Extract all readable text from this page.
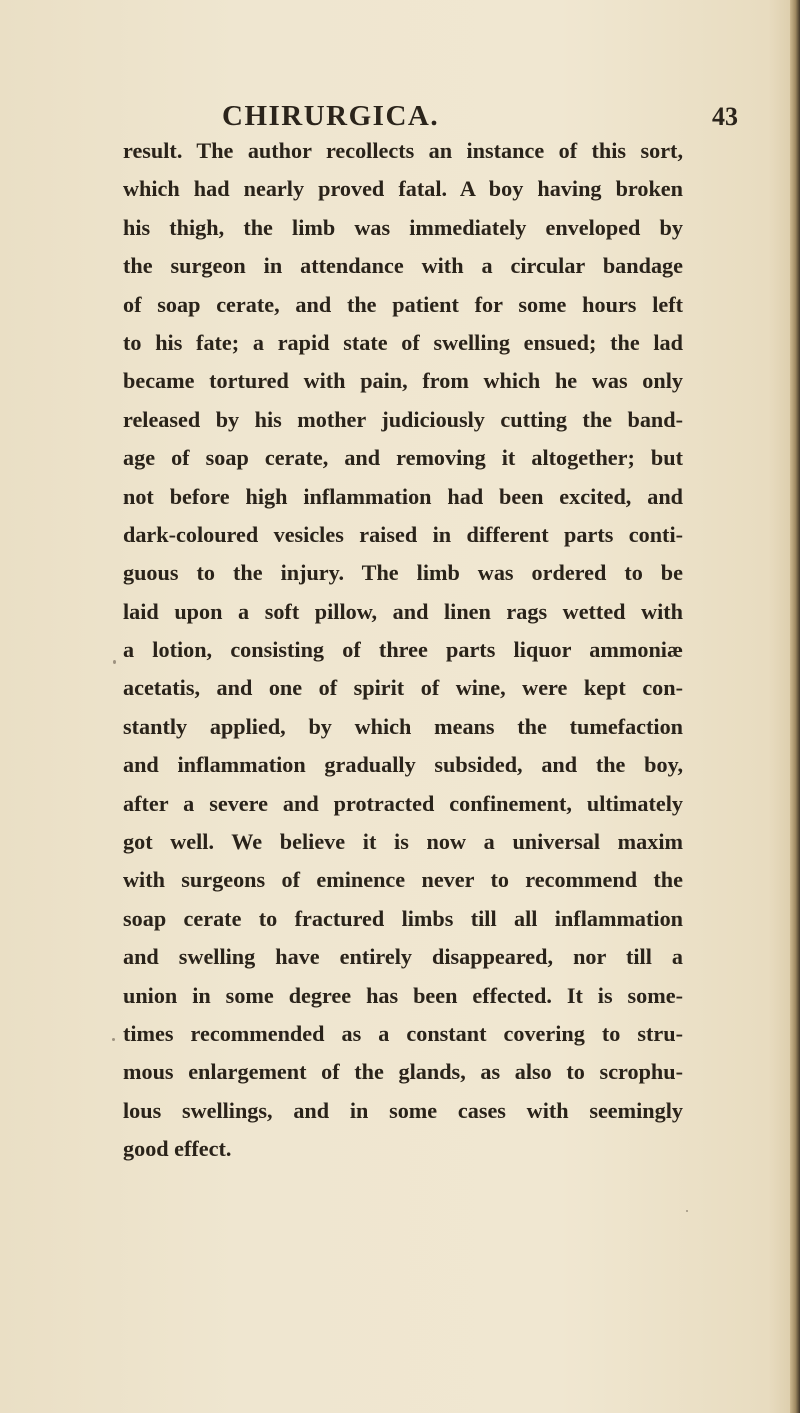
CHIRURGICA.	43
result. The author recollects an instance of this sort,
which had nearly proved fatal. A boy having broken
his thigh, the limb was immediately enveloped by
the surgeon in attendance with a circular bandage
of soap cerate, and the patient for some hours left
to his fate; a rapid state of swelling ensued; the lad
became tortured with pain, from which he was only
released by his mother judiciously cutting the band-
age of soap cerate, and removing it altogether; but
not before high inflammation had been excited, and
dark-coloured vesicles raised in different parts conti-
guous to the injury. The limb was ordered to be
laid upon a soft pillow, and linen rags wetted with
a lotion, consisting of three parts liquor ammoniæ
acetatis, and one of spirit of wine, were kept con-
stantly applied, by which means the tumefaction
and inflammation gradually subsided, and the boy,
after a severe and protracted confinement, ultimately
got well. We believe it is now a universal maxim
with surgeons of eminence never to recommend the
soap cerate to fractured limbs till all inflammation
and swelling have entirely disappeared, nor till a
union in some degree has been effected. It is some-
times recommended as a constant covering to stru-
mous enlargement of the glands, as also to scrophu-
lous swellings, and in some cases with seemingly
good effect.
